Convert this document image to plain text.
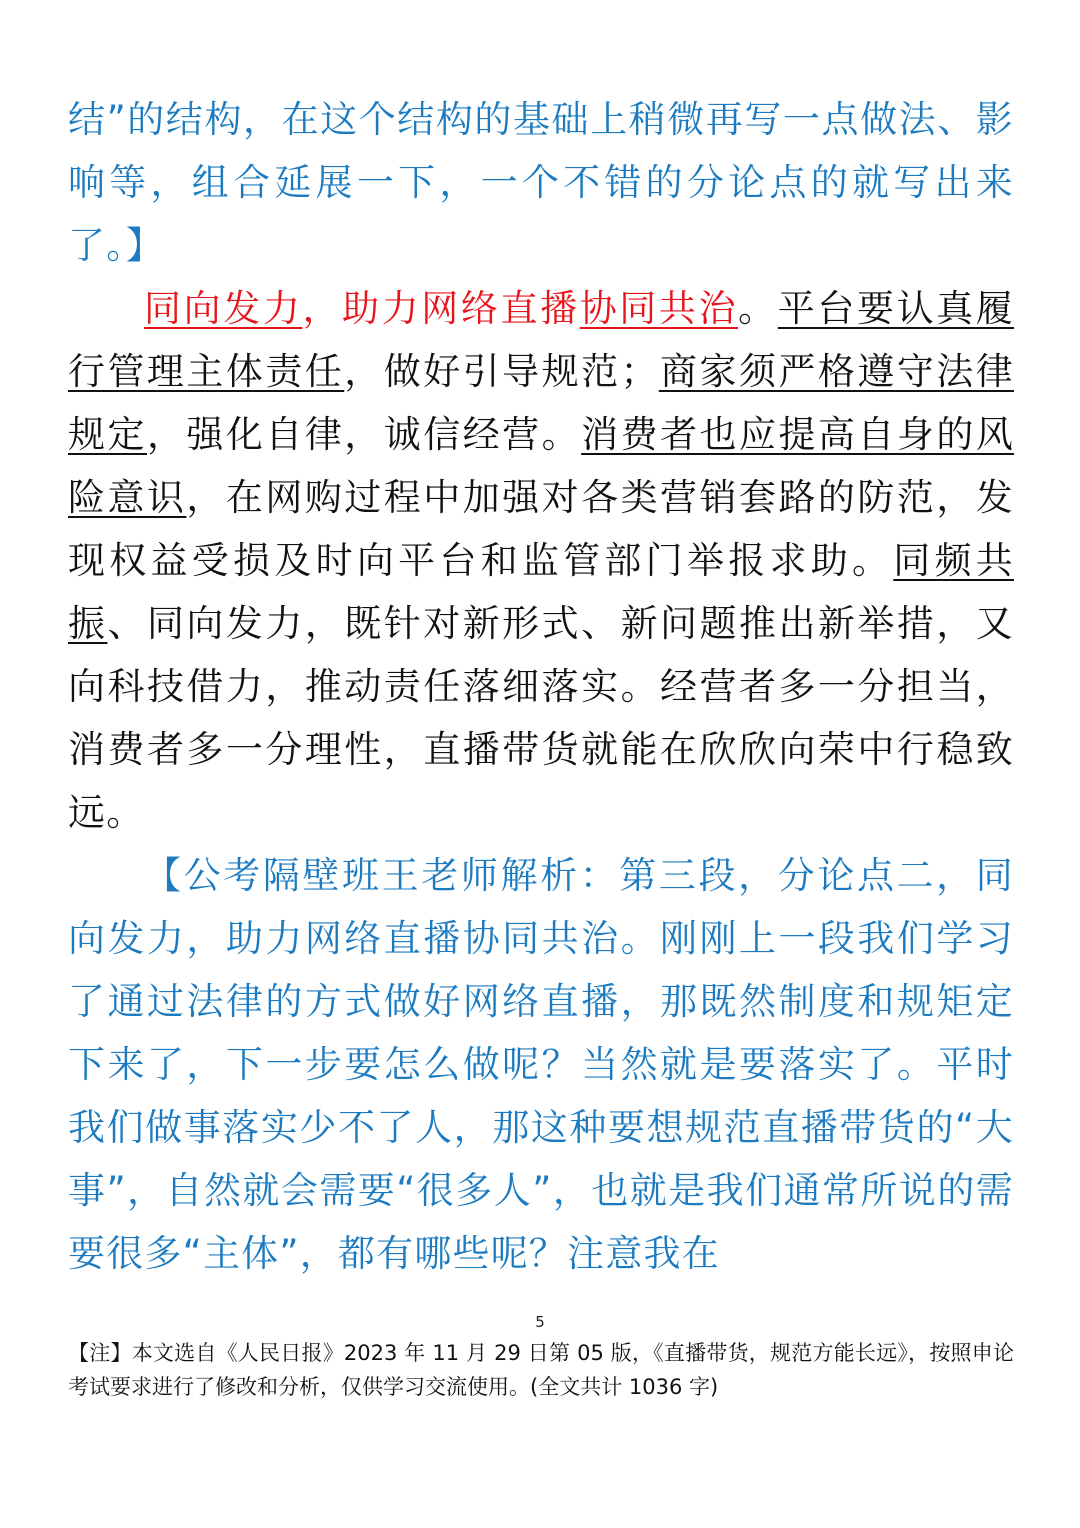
结”的结构，在这个结构的基础上稍微再写一点做法、影响等，组合延展一下，一个不错的分论点的就写出来了。】

同向发力，助力网络直播协同共治。平台要认真履行管理主体责任，做好引导规范；商家须严格遵守法律规定，强化自律，诚信经营。消费者也应提高自身的风险意识，在网购过程中加强对各类营销套路的防范，发现权益受损及时向平台和监管部门举报求助。同频共振、同向发力，既针对新形式、新问题推出新举措，又向科技借力，推动责任落细落实。经营者多一分担当，消费者多一分理性，直播带货就能在欣欣向荣中行稳致远。

【公考隔壁班王老师解析：第三段，分论点二，同向发力，助力网络直播协同共治。刚刚上一段我们学习了通过法律的方式做好网络直播，那既然制度和规矩定下来了，下一步要怎么做呢？当然就是要落实了。平时我们做事落实少不了人，那这种要想规范直播带货的“大事”，自然就会需要“很多人”，也就是我们通常所说的需要很多“主体”，都有哪些呢？注意我在

5
【注】本文选自《人民日报》2023 年 11 月 29 日第 05 版，《直播带货，规范方能长远》，按照申论考试要求进行了修改和分析，仅供学习交流使用。(全文共计 1036 字)
